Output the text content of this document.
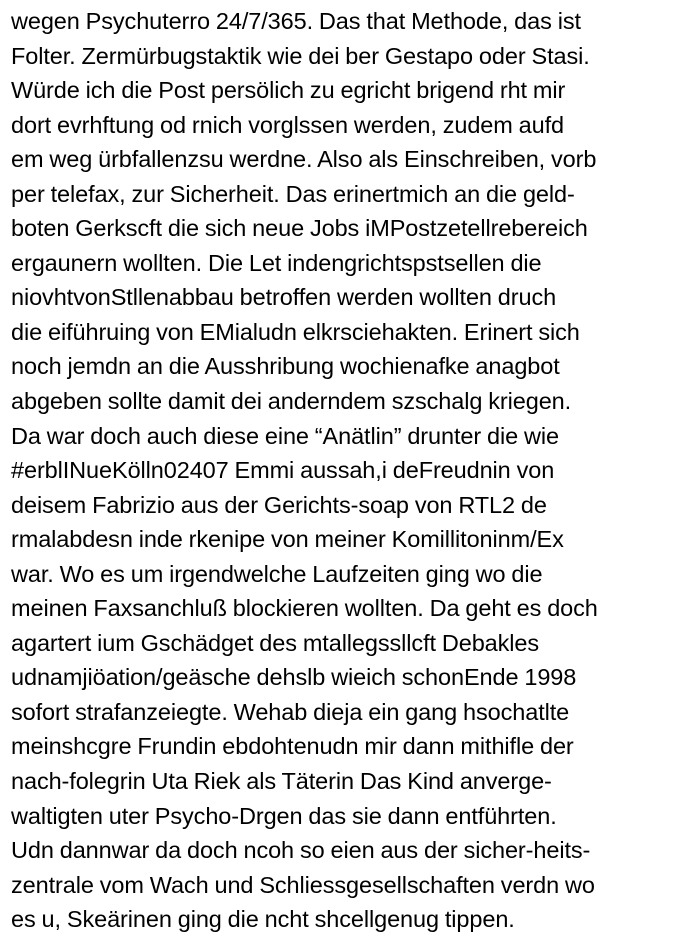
wegen Psychuterro 24/7/365. Das that Methode, das ist
Folter. Zermürbugstaktik wie dei ber Gestapo oder Stasi.
Würde ich die Post persölich zu egricht brigend rht mir
dort evrhftung od rnich vorglssen werden, zudem aufd
em weg ürbfallenzsu werdne. Also als Einschreiben, vorb
per telefax, zur Sicherheit. Das erinertmich an die geld-
boten Gerkscft die sich neue Jobs iMPostzetellrebereich
ergaunern wollten. Die Let indengrichtspstsellen die
niovhtvonStllenabbau betroffen werden wollten druch
die eiführuing von EMialudn elkrsciehakten. Erinert sich
noch jemdn an die Ausshribung wochienafke anagbot
abgeben sollte damit dei anderndem szschalg kriegen.
Da war doch auch diese eine “Anätlin” drunter die wie
#erblINueKölln02407 Emmi aussah,i deFreudnin von
deisem Fabrizio aus der Gerichts-soap von RTL2 de
rmalabdesn inde rkenipe von meiner Komillitoninm/Ex
war. Wo es um irgendwelche Laufzeiten ging wo die
meinen Faxsanchluß blockieren wollten. Da geht es doch
agartert ium Gschädget des mtallegssllcft Debakles
udnamjiöation/geäsche dehslb wieich schonEnde 1998
sofort strafanzeiegte. Wehab dieja ein gang hsochatlte
meinshcgre Frundin ebdohtenudn mir dann mithifle der
nach-folegrin Uta Riek als Täterin Das Kind anverge-
waltigten uter Psycho-Drgen das sie dann entführten.
Udn dannwar da doch ncoh so eien aus der sicher-heits-
zentrale vom Wach und Schliessgesellschaften verdn wo
es u, Skeärinen ging die ncht shcellgenug tippen.
